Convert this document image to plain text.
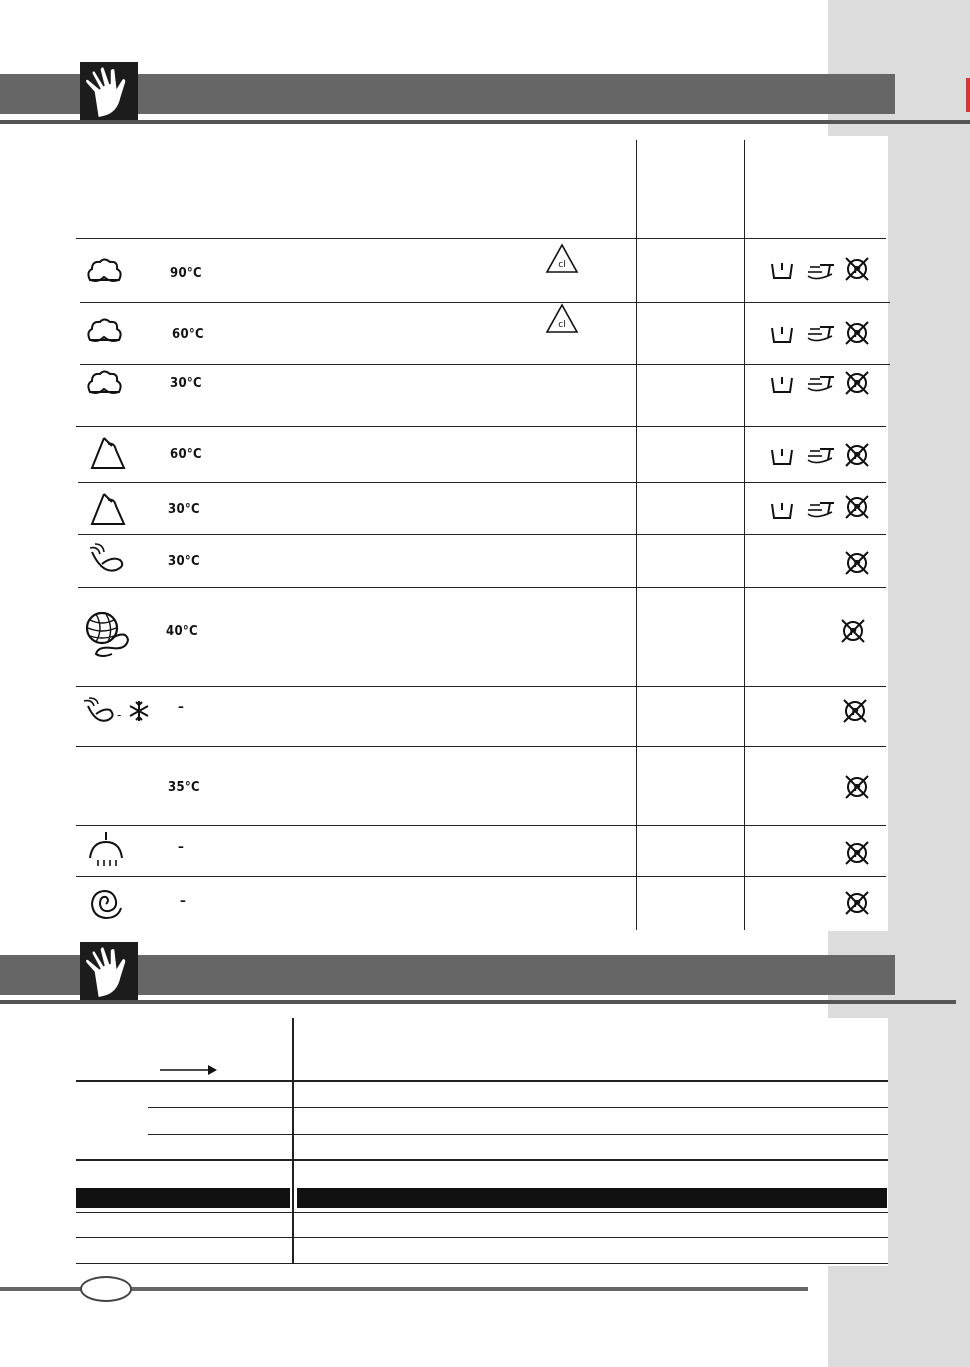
P
cl
90°C
60°C
30°C
60°C
30°C
30°C
40°C
-	–
35°C
–
–
